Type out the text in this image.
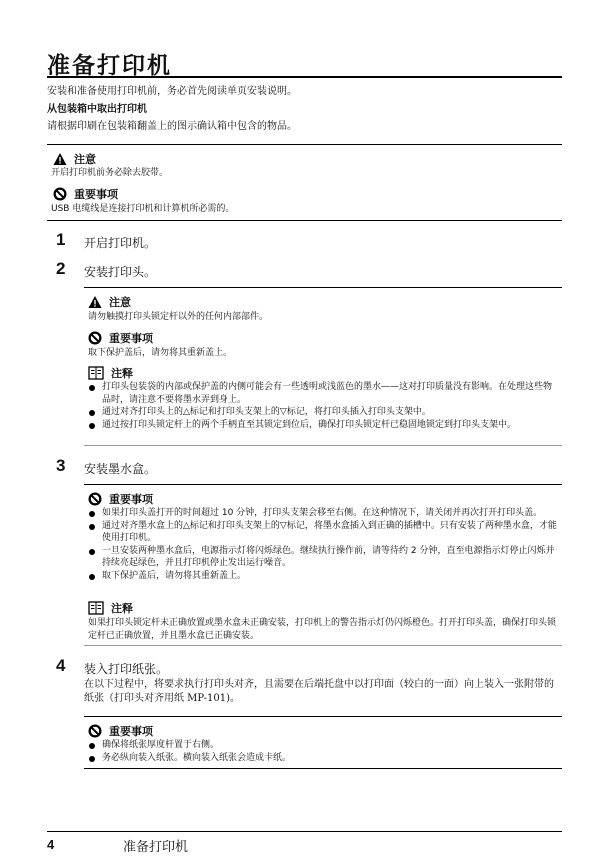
准备打印机
安装和准备使用打印机前，务必首先阅读单页安装说明。
从包装箱中取出打印机
请根据印刷在包装箱翻盖上的图示确认箱中包含的物品。
注意
开启打印机前务必除去胶带。
重要事项
USB 电缆线是连接打印机和计算机所必需的。
1 开启打印机。
2 安装打印头。
注意
请勿触摸打印头锁定杆以外的任何内部部件。
重要事项
取下保护盖后，请勿将其重新盖上。
注释
打印头包装袋的内部或保护盖的内侧可能会有一些透明或浅蓝色的墨水——这对打印质量没有影响。在处理这些物品时，请注意不要将墨水弄到身上。
通过对齐打印头上的△标记和打印头支架上的▽标记，将打印头插入打印头支架中。
通过按打印头锁定杆上的两个手柄直至其锁定到位后，确保打印头锁定杆已稳固地锁定到打印头支架中。
3 安装墨水盒。
重要事项
如果打印头盖打开的时间超过 10 分钟，打印头支架会移至右侧。在这种情况下，请关闭并再次打开打印头盖。
通过对齐墨水盒上的△标记和打印头支架上的▽标记，将墨水盒插入到正确的插槽中。只有安装了两种墨水盒，才能使用打印机。
一旦安装两种墨水盒后，电源指示灯将闪烁绿色。继续执行操作前，请等待约 2 分钟，直至电源指示灯停止闪烁并持续亮起绿色，并且打印机停止发出运行噪音。
取下保护盖后，请勿将其重新盖上。
注释
如果打印头锁定杆未正确放置或墨水盒未正确安装，打印机上的警告指示灯仍闪烁橙色。打开打印头盖，确保打印头锁定杆已正确放置，并且墨水盒已正确安装。
4 装入打印纸张。
在以下过程中，将要求执行打印头对齐，且需要在后端托盘中以打印面（较白的一面）向上装入一张附带的纸张（打印头对齐用纸 MP-101)。
重要事项
确保将纸张厚度杆置于右侧。
务必纵向装入纸张。横向装入纸张会造成卡纸。
4	准备打印机
